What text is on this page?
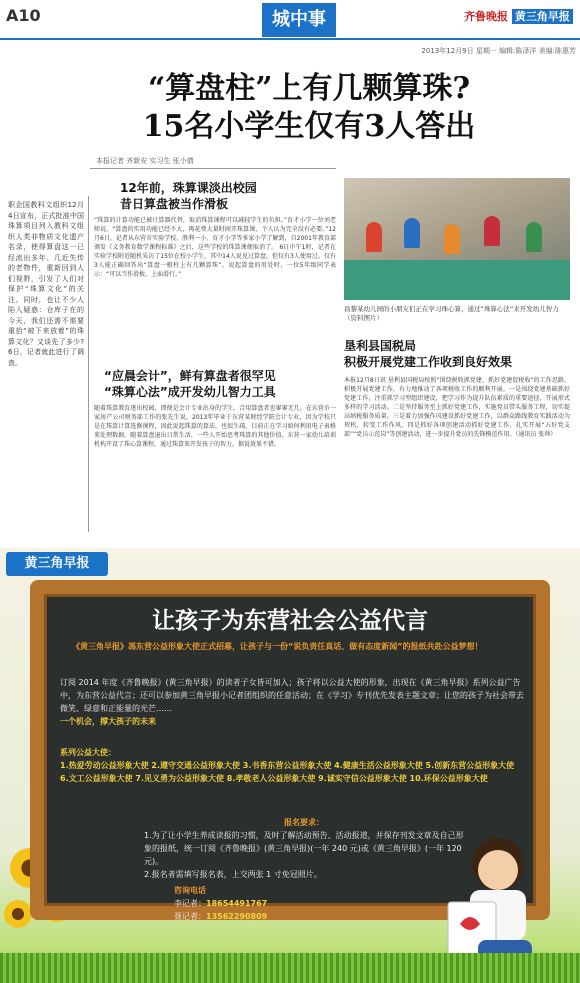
A10	城中事	齐鲁晚报 黄三角早报
2013年12月9日 星期一 编辑:陈泽洋 美编:陈惠芳
“算盘柱”上有几颗算珠?
15名小学生仅有3人答出
本报记者 齐新安 实习生 张小倩
职企国教科文组织12月4日宣布，正式批准中国珠算项目列入教科文组织人类非物质文化遗产名录，使得算盘这一已经流出多年、几近失传的老物件，重新回到人们视野，引发了人们对保护“珠算文化”的关注。同时，也让不少人陷入疑惑：仓库子在的今天，我们还需不需要重拾“被下来放着”的珠算文化？又谈先了多少?6日，记者就此进行了调查。
12年前，珠算课淡出校园
昔日算盘被当作滑板
“珠算的计算功能已被计算器代替，取消珠算课程可以减轻学生的负担。”育才小学一位刘老师说，“算盘的实用功能已经不大，再花费大量时间开珠算课，个人认为完全没有必要。”12月6日，记者从东营市实验学校、胜利一小、育才小学等多家小学了解到，自2001年教育部颁发《义务教育数学课程标准》之后，这些学校的珠算课便取消了。 6日中午1时，记者在实验学校附近随机采访了15位在校小学生，其中14人说见过算盘，但仅有3人使用过。仅有3人能正确回答出“算盘一根柱上有几颗算珠”。说起算盘的用处时，一位5年级同学表示：“可以当作滑板，上面滑行。”
“应晨会计”，鲜有算盘者很罕见
“珠算心法”成开发幼儿智力工具
随着珠算教育逐出校园，即便是会计专业出身的学生，合用算盘者也寥寥无几。在东营市一家房产公司财务部工作的张先生说，2013年毕业于东营某财经学院会计专业，因为学校只是在珠算计算选修课程，因此说起珠算的算法，也很生疏。目前正在学习如何利用电子表格来处理数据。随着算盘退出日常生活，一些人开始思考珠算的其他价值。东营一家幼儿培训机构开设了珠心算课程，通过珠算来开发孩子的智力，据说效果不错。
昌黎某幼儿园的小朋友们正在学习珠心算，通过“珠算心法”来开发幼儿智力（资料图片）
垦利县国税局
积极开展党建工作收到良好效果
本报12月8日讯 垦利县国税局按照“围绕税收抓党建，抓好党建促税收”的工作思路，积极开展党建工作，有力地推动了各项税收工作的顺利开展。一是围绕党建基础抓好党建工作，注重抓学习型组织建设，把学习作为提升队伍素质的重要途径，开展形式多样的学习活动。二是坚持服务至上抓好党建工作，实施党员带头服务工程，切实提高纳税服务质量。三是着力加强作风建设抓好党建工作，以群众路线教育实践活动为契机，转变工作作风。四是抓好各项创建活动抓好党建工作，扎实开展“五好党支部”“党员示范岗”等创建活动，进一步提升党员的先锋模范作用。（通讯员 张帅）
黄三角早报
让孩子为东营社会公益代言
《黄三角早报》馮东营公益形象大使正式招募，让孩子与一份“说负责任真话、做有态度新闻”的报纸共赴公益梦想！
订阅 2014 年度《齐鲁晚报》(黄三角早报）的读者子女皆可加入；孩子将以公益大使的形象，出现在《黄三角早报》系列公益广告中，为东营公益代言；还可以参加黄三角早报小记者团组织的任意活动；在《学习》专刊优先发表主题文章；让您的孩子为社会带去微笑、绿意和正能量的光芒……
一个机会，撑大孩子的未来
系列公益大使：
1.热爱劳动公益形象大使 2.遵守交通公益形象大使 3.书香东营公益形象大使 4.健康生活公益形象大使 5.创新东营公益形象大使 6.文工公益形象大使 7.见义勇为公益形象大使 8.孝敬老人公益形象大使 9.诚实守信公益形象大使 10.环保公益形象大使
报名要求：
1.为了让小学生养成读报的习惯，及时了解活动预告、活动报道，并保存刊发文章及自己形象的报纸，统一订阅《齐鲁晚报》(黄三角早报)(一年 240 元)或《黄三角早报》(一年 120 元)。
2.报名者需填写报名表，上交两张 1 寸免冠照片。
咨询电话
李记者：18654491767
聂记者：13562290809
